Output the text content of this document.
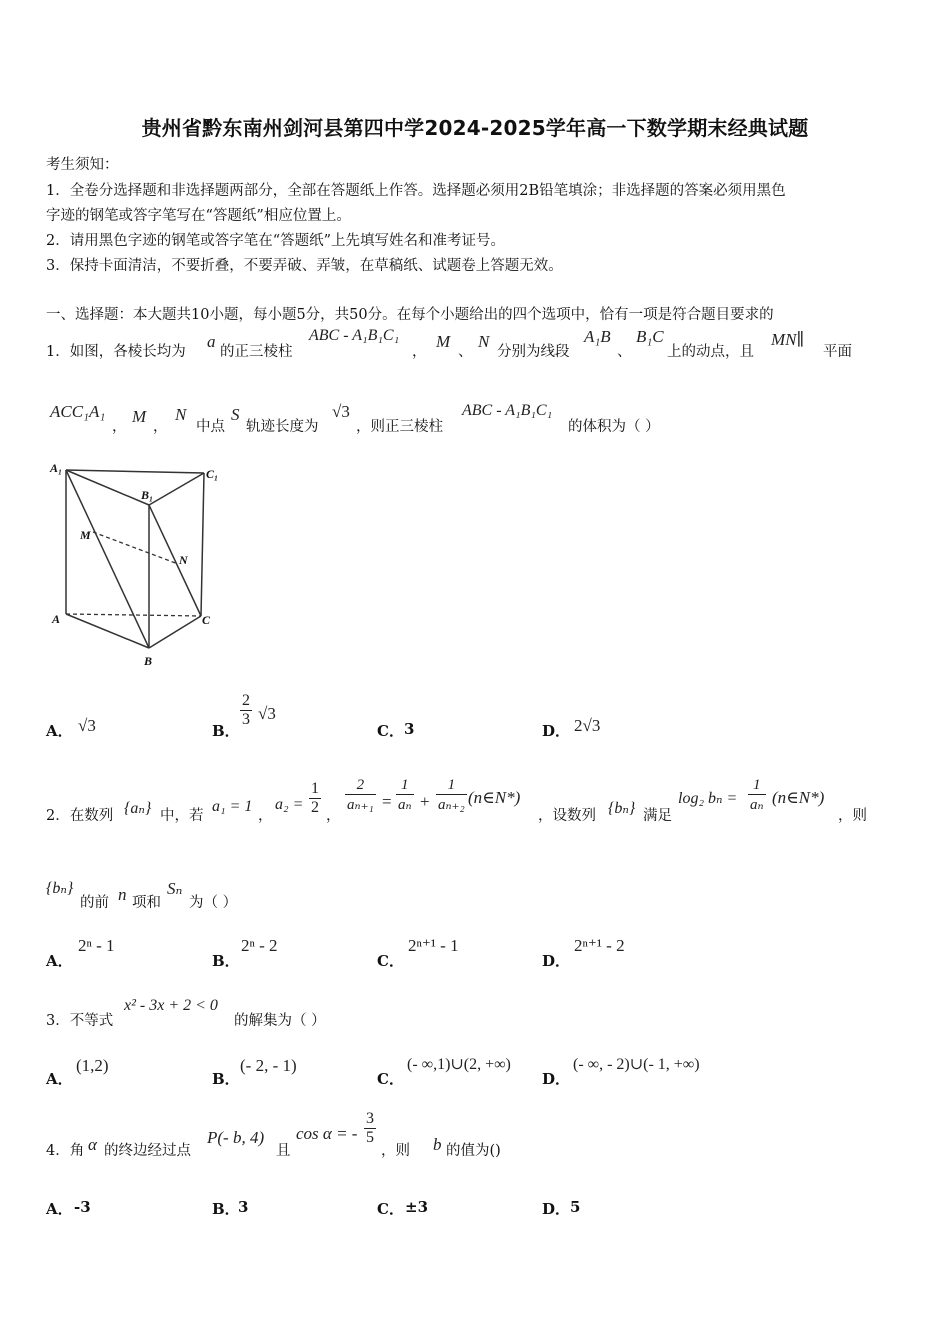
贵州省黔东南州剑河县第四中学2024-2025学年高一下数学期末经典试题
考生须知：
1．全卷分选择题和非选择题两部分，全部在答题纸上作答。选择题必须用2B铅笔填涂；非选择题的答案必须用黑色
字迹的钢笔或答字笔写在“答题纸”相应位置上。
2．请用黑色字迹的钢笔或答字笔在“答题纸”上先填写姓名和准考证号。
3．保持卡面清洁，不要折叠，不要弄破、弄皱，在草稿纸、试题卷上答题无效。
一、选择题：本大题共10小题，每小题5分，共50分。在每个小题给出的四个选项中，恰有一项是符合题目要求的
1．如图，各棱长均为
a
的正三棱柱
ABC - A₁B₁C₁
，
M
、
N
分别为线段
A₁B
、
B₁C
上的动点，且
MN∥
平面
ACC₁A₁
，
M
，
N
中点
S
轨迹长度为
√3
，则正三棱柱
ABC - A₁B₁C₁
的体积为（ ）
A₁	C₁
B₁
M
N
A	C
B
A． √3	B．
$\frac{2}{3} √3$
C． 3	D． 2√3
2．在数列 {aₙ} 中，若
a₁ = 1
，
$a_2 = \frac{1}{2}$ ，
$\frac{2}{\text{aₙ₊₁}} = \frac{1}{\text{aₙ}} + \frac{1}{\text{aₙ₊₂}}$ (n∈N*)
，设数列 {bₙ} 满足
log₂ $b_n = \frac{1}{\text{aₙ}}$ (n∈N*)
，则
{bₙ}
的前 n 项和
Sₙ
为（ ）
A．
2ⁿ - 1
B．
2ⁿ - 2
C．
2ⁿ⁺¹ - 1
D．
2ⁿ⁺¹ - 2
3．不等式
x² - 3x + 2 < 0
的解集为（ ）
A．
(1,2)
B．
(- 2, - 1)
C．
(- ∞,1)∪(2, +∞)
D．
(- ∞, - 2)∪(- 1, +∞)
4．角 α 的终边经过点
P(- b, 4)
且
cos α = - $\frac{3}{5}$
，则 b 的值为()
A． -3	B．
3	C． ±3	D． 5
